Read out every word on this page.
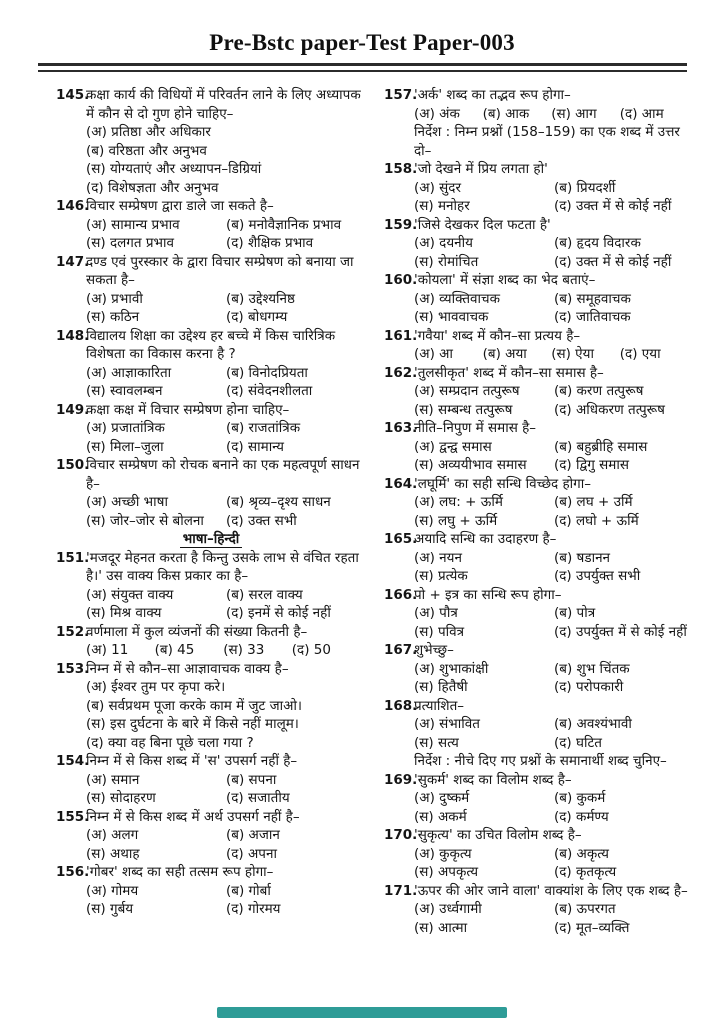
Pre-Bstc paper-Test Paper-003
145.
कक्षा कार्य की विधियों में परिवर्तन लाने के लिए अध्यापक में कौन से दो गुण होने चाहिए–
(अ) प्रतिष्ठा और अधिकार
(ब) वरिष्ठता और अनुभव
(स) योग्यताएं और अध्यापन–डिग्रियां
(द) विशेषज्ञता और अनुभव
146.
विचार सम्प्रेषण द्वारा डाले जा सकते है–
(अ) सामान्य प्रभाव	(ब) मनोवैज्ञानिक प्रभाव
(स) दलगत प्रभाव	(द) शैक्षिक प्रभाव
147.
दण्ड एवं पुरस्कार के द्वारा विचार सम्प्रेषण को बनाया जा सकता है–
(अ) प्रभावी	(ब) उद्देश्यनिष्ठ
(स) कठिन	(द) बोधगम्य
148.
विद्यालय शिक्षा का उद्देश्य हर बच्चे में किस चारित्रिक विशेषता का विकास करना है ?
(अ) आज्ञाकारिता	(ब) विनोदप्रियता
(स) स्वावलम्बन	(द) संवेदनशीलता
149.
कक्षा कक्ष में विचार सम्प्रेषण होना चाहिए–
(अ) प्रजातांत्रिक	(ब) राजतांत्रिक
(स) मिला–जुला	(द) सामान्य
150.
विचार सम्प्रेषण को रोचक बनाने का एक महत्वपूर्ण साधन है–
(अ) अच्छी भाषा	(ब) श्रृव्य–दृश्य साधन
(स) जोर–जोर से बोलना	(द) उक्त सभी
भाषा–हिन्दी
151.
'मजदूर मेहनत करता है किन्तु उसके लाभ से वंचित रहता है।' उस वाक्य किस प्रकार का है–
(अ) संयुक्त वाक्य	(ब) सरल वाक्य
(स) मिश्र वाक्य	(द) इनमें से कोई नहीं
152.
वर्णमाला में कुल व्यंजनों की संख्या कितनी है–
(अ) 11	(ब) 45	(स) 33	(द) 50
153.
निम्न में से कौन–सा आज्ञावाचक वाक्य है–
(अ) ईश्वर तुम पर कृपा करे।
(ब) सर्वप्रथम पूजा करके काम में जुट जाओ।
(स) इस दुर्घटना के बारे में किसे नहीं मालूम।
(द) क्या वह बिना पूछे चला गया ?
154.
निम्न में से किस शब्द में 'स' उपसर्ग नहीं है–
(अ) समान	(ब) सपना
(स) सोदाहरण	(द) सजातीय
155.
निम्न में से किस शब्द में अर्थ उपसर्ग नहीं है–
(अ) अलग	(ब) अजान
(स) अथाह	(द) अपना
156.
'गोबर' शब्द का सही तत्सम रूप होगा–
(अ) गोमय	(ब) गोर्बा
(स) गुर्बय	(द) गोरमय
157.
'अर्क' शब्द का तद्भव रूप होगा–
(अ) अंक	(ब) आक	(स) आग	(द) आम
निर्देश : निम्न प्रश्नों (158–159) का एक शब्द में उत्तर दो–
158.
'जो देखने में प्रिय लगता हो'
(अ) सुंदर	(ब) प्रियदर्शी
(स) मनोहर	(द) उक्त में से कोई नहीं
159.
'जिसे देखकर दिल फटता है'
(अ) दयनीय	(ब) हृदय विदारक
(स) रोमांचित	(द) उक्त में से कोई नहीं
160.
'कोयला' में संज्ञा शब्द का भेद बताएं–
(अ) व्यक्तिवाचक	(ब) समूहवाचक
(स) भाववाचक	(द) जातिवाचक
161.
'गवैया' शब्द में कौन–सा प्रत्यय है–
(अ) आ	(ब) अया	(स) ऐया	(द) एया
162.
'तुलसीकृत' शब्द में कौन–सा समास है–
(अ) सम्प्रदान तत्पुरूष	(ब) करण तत्पुरूष
(स) सम्बन्ध तत्पुरूष	(द) अधिकरण तत्पुरूष
163.
नीति–निपुण में समास है–
(अ) द्वन्द्व समास	(ब) बहुब्रीहि समास
(स) अव्ययीभाव समास	(द) द्विगु समास
164.
'लघूर्मि' का सही सन्धि विच्छेद होगा–
(अ) लघ: + ऊर्मि	(ब) लघ + उर्मि
(स) लघु + ऊर्मि	(द) लघो + ऊर्मि
165.
अयादि सन्धि का उदाहरण है–
(अ) नयन	(ब) षडानन
(स) प्रत्येक	(द) उपर्युक्त सभी
166.
पो + इत्र का सन्धि रूप होगा–
(अ) पौत्र	(ब) पोत्र
(स) पवित्र	(द) उपर्युक्त में से कोई नहीं
167.
शुभेच्छु–
(अ) शुभाकांक्षी	(ब) शुभ चिंतक
(स) हितैषी	(द) परोपकारी
168.
प्रत्याशित–
(अ) संभावित	(ब) अवश्यंभावी
(स) सत्य	(द) घटित
निर्देश : नीचे दिए गए प्रश्नों के समानार्थी शब्द चुनिए–
169.
'सुकर्म' शब्द का विलोम शब्द है–
(अ) दुष्कर्म	(ब) कुकर्म
(स) अकर्म	(द) कर्मण्य
170.
'सुकृत्य' का उचित विलोम शब्द है–
(अ) कुकृत्य	(ब) अकृत्य
(स) अपकृत्य	(द) कृतकृत्य
171.
'ऊपर की ओर जाने वाला' वाक्यांश के लिए एक शब्द है–
(अ) उर्ध्वगामी	(ब) ऊपरगत
(स) आत्मा	(द) मूत–व्यक्ति
